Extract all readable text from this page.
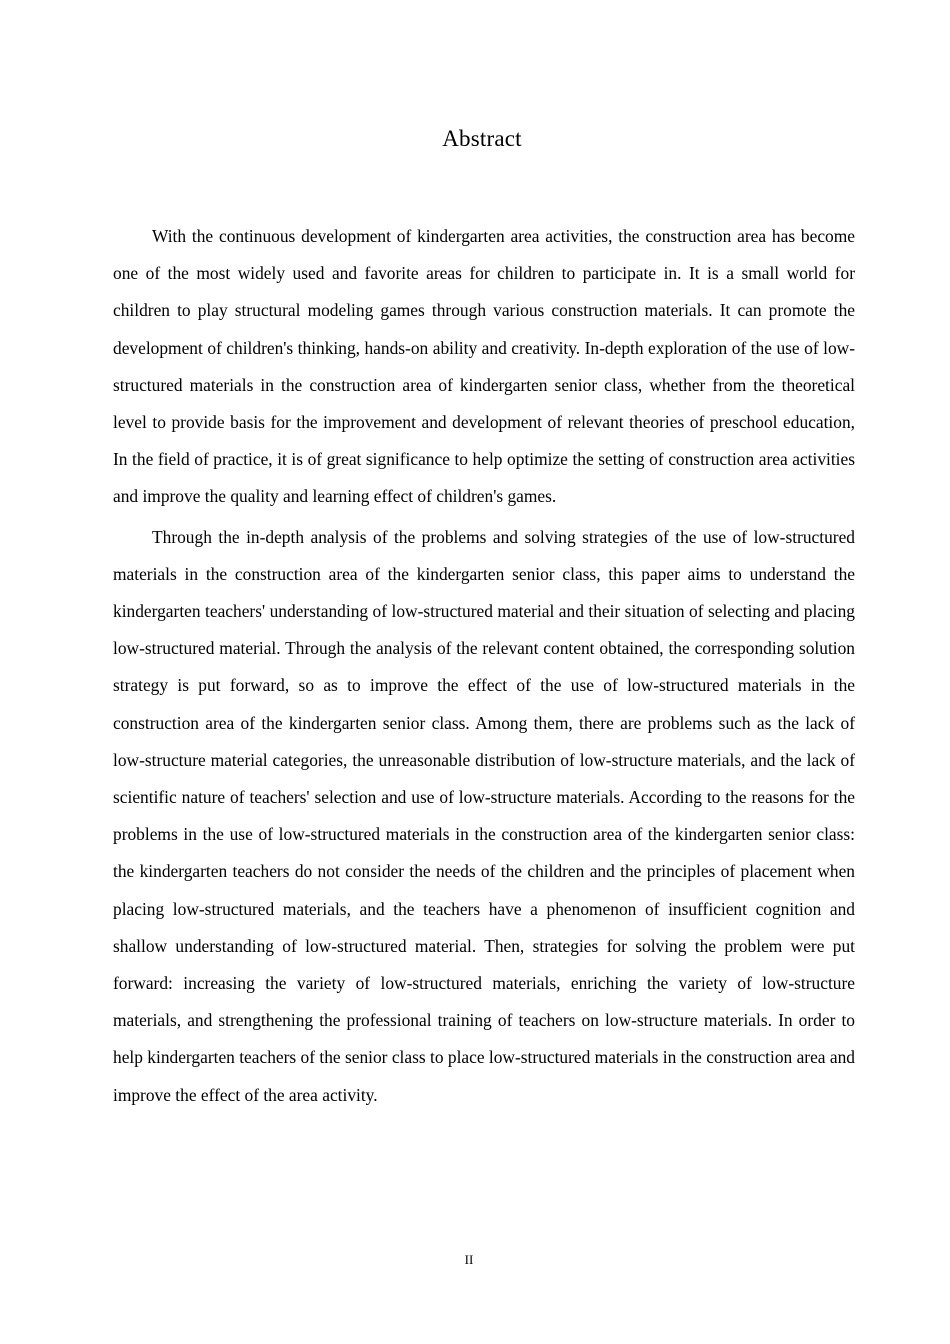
Abstract

With the continuous development of kindergarten area activities, the construction area has become one of the most widely used and favorite areas for children to participate in. It is a small world for children to play structural modeling games through various construction materials. It can promote the development of children's thinking, hands-on ability and creativity. In-depth exploration of the use of low-structured materials in the construction area of kindergarten senior class, whether from the theoretical level to provide basis for the improvement and development of relevant theories of preschool education, In the field of practice, it is of great significance to help optimize the setting of construction area activities and improve the quality and learning effect of children's games.

Through the in-depth analysis of the problems and solving strategies of the use of low-structured materials in the construction area of the kindergarten senior class, this paper aims to understand the kindergarten teachers' understanding of low-structured material and their situation of selecting and placing low-structured material. Through the analysis of the relevant content obtained, the corresponding solution strategy is put forward, so as to improve the effect of the use of low-structured materials in the construction area of the kindergarten senior class. Among them, there are problems such as the lack of low-structure material categories, the unreasonable distribution of low-structure materials, and the lack of scientific nature of teachers' selection and use of low-structure materials. According to the reasons for the problems in the use of low-structured materials in the construction area of the kindergarten senior class: the kindergarten teachers do not consider the needs of the children and the principles of placement when placing low-structured materials, and the teachers have a phenomenon of insufficient cognition and shallow understanding of low-structured material. Then, strategies for solving the problem were put forward: increasing the variety of low-structured materials, enriching the variety of low-structure materials, and strengthening the professional training of teachers on low-structure materials. In order to help kindergarten teachers of the senior class to place low-structured materials in the construction area and improve the effect of the area activity.

II
